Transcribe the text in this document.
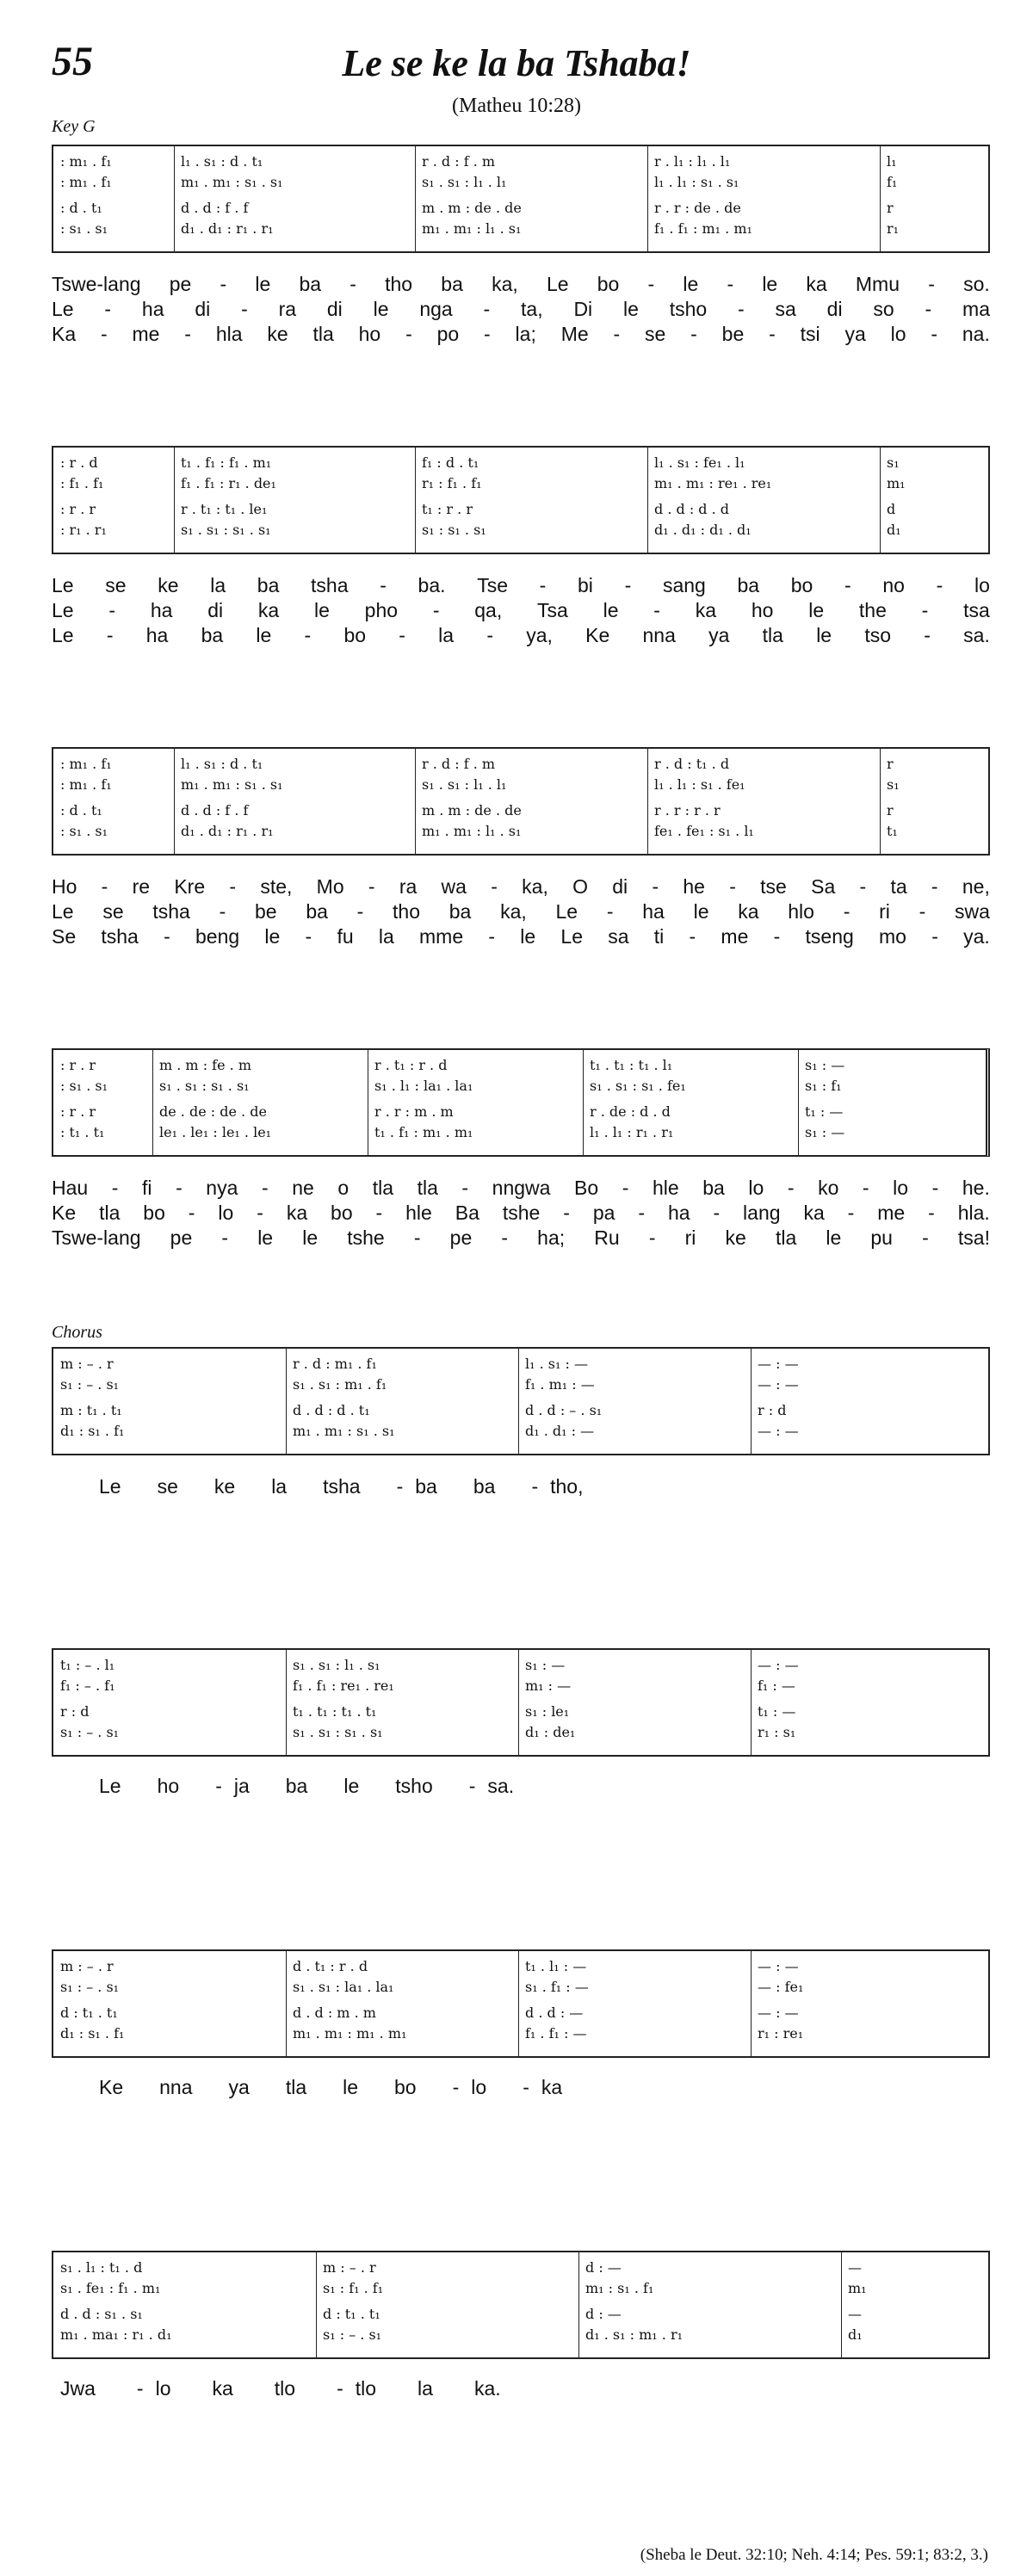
55	Le se ke la ba Tshaba!
(Matheu 10:28)
Key G
Chorus
: m₁ . f₁
: m₁ . f₁
: d . t₁
: s₁ . s₁
l₁ . s₁ : d . t₁
m₁ . m₁ : s₁ . s₁
d . d : f . f
d₁ . d₁ : r₁ . r₁
r . d : f . m
s₁ . s₁ : l₁ . l₁
m . m : de . de
m₁ . m₁ : l₁ . s₁
r . l₁ : l₁ . l₁
l₁ . l₁ : s₁ . s₁
r . r : de . de
f₁ . f₁ : m₁ . m₁
l₁
f₁
r
r₁
Tswe-lang pe - le ba - tho ba ka, Le bo - le - le ka Mmu - so.
Le - ha di - ra di le nga - ta, Di le tsho - sa di so - ma
Ka - me - hla ke tla ho - po - la; Me - se - be - tsi ya lo - na.
: r . d
: f₁ . f₁
: r . r
: r₁ . r₁
t₁ . f₁ : f₁ . m₁
f₁ . f₁ : r₁ . de₁
r . t₁ : t₁ . le₁
s₁ . s₁ : s₁ . s₁
f₁ : d . t₁
r₁ : f₁ . f₁
t₁ : r . r
s₁ : s₁ . s₁
l₁ . s₁ : fe₁ . l₁
m₁ . m₁ : re₁ . re₁
d . d : d . d
d₁ . d₁ : d₁ . d₁
s₁
m₁
d
d₁
Le se ke la ba tsha - ba. Tse - bi - sang ba bo - no - lo
Le - ha di ka le pho - qa, Tsa le - ka ho le the - tsa
Le - ha ba le - bo - la - ya, Ke nna ya tla le tso - sa.
: m₁ . f₁
: m₁ . f₁
: d . t₁
: s₁ . s₁
l₁ . s₁ : d . t₁
m₁ . m₁ : s₁ . s₁
d . d : f . f
d₁ . d₁ : r₁ . r₁
r . d : f . m
s₁ . s₁ : l₁ . l₁
m . m : de . de
m₁ . m₁ : l₁ . s₁
r . d : t₁ . d
l₁ . l₁ : s₁ . fe₁
r . r : r . r
fe₁ . fe₁ : s₁ . l₁
r
s₁
r
t₁
Ho - re Kre - ste, Mo - ra wa - ka, O di - he - tse Sa - ta - ne,
Le se tsha - be ba - tho ba ka, Le - ha le ka hlo - ri - swa
Se tsha - beng le - fu la mme - le Le sa ti - me - tseng mo - ya.
: r . r
: s₁ . s₁
: r . r
: t₁ . t₁
m . m : fe . m
s₁ . s₁ : s₁ . s₁
de . de : de . de
le₁ . le₁ : le₁ . le₁
r . t₁ : r . d
s₁ . l₁ : la₁ . la₁
r . r : m . m
t₁ . f₁ : m₁ . m₁
t₁ . t₁ : t₁ . l₁
s₁ . s₁ : s₁ . fe₁
r . de : d . d
l₁ . l₁ : r₁ . r₁
s₁ : —
s₁ : f₁
t₁ : —
s₁ : —
Hau - fi - nya - ne o tla tla - nngwa Bo - hle ba lo - ko - lo - he.
Ke tla bo - lo - ka bo - hle Ba tshe - pa - ha - lang ka - me - hla.
Tswe-lang pe - le le tshe - pe - ha; Ru - ri ke tla le pu - tsa!
m : – . r
s₁ : – . s₁
m : t₁ . t₁
d₁ : s₁ . f₁
r . d : m₁ . f₁
s₁ . s₁ : m₁ . f₁
d . d : d . t₁
m₁ . m₁ : s₁ . s₁
l₁ . s₁ : —
f₁ . m₁ : —
d . d : – . s₁
d₁ . d₁ : —
— : —
— : —
r : d
— : —
Le se ke la tsha - ba ba - tho,
t₁ : – . l₁
f₁ : – . f₁
r : d
s₁ : – . s₁
s₁ . s₁ : l₁ . s₁
f₁ . f₁ : re₁ . re₁
t₁ . t₁ : t₁ . t₁
s₁ . s₁ : s₁ . s₁
s₁ : —
m₁ : —
s₁ : le₁
d₁ : de₁
— : —
f₁ : —
t₁ : —
r₁ : s₁
Le ho - ja ba le tsho - sa.
m : – . r
s₁ : – . s₁
d : t₁ . t₁
d₁ : s₁ . f₁
d . t₁ : r . d
s₁ . s₁ : la₁ . la₁
d . d : m . m
m₁ . m₁ : m₁ . m₁
t₁ . l₁ : —
s₁ . f₁ : —
d . d : —
f₁ . f₁ : —
— : —
— : fe₁
— : —
r₁ : re₁
Ke nna ya tla le bo - lo - ka
s₁ . l₁ : t₁ . d
s₁ . fe₁ : f₁ . m₁
d . d : s₁ . s₁
m₁ . ma₁ : r₁ . d₁
m : – . r
s₁ : f₁ . f₁
d : t₁ . t₁
s₁ : – . s₁
d : —
m₁ : s₁ . f₁
d : —
d₁ . s₁ : m₁ . r₁
—
m₁
—
d₁
Jwa - lo ka tlo - tlo la ka.
(Sheba le Deut. 32:10; Neh. 4:14; Pes. 59:1; 83:2, 3.)
